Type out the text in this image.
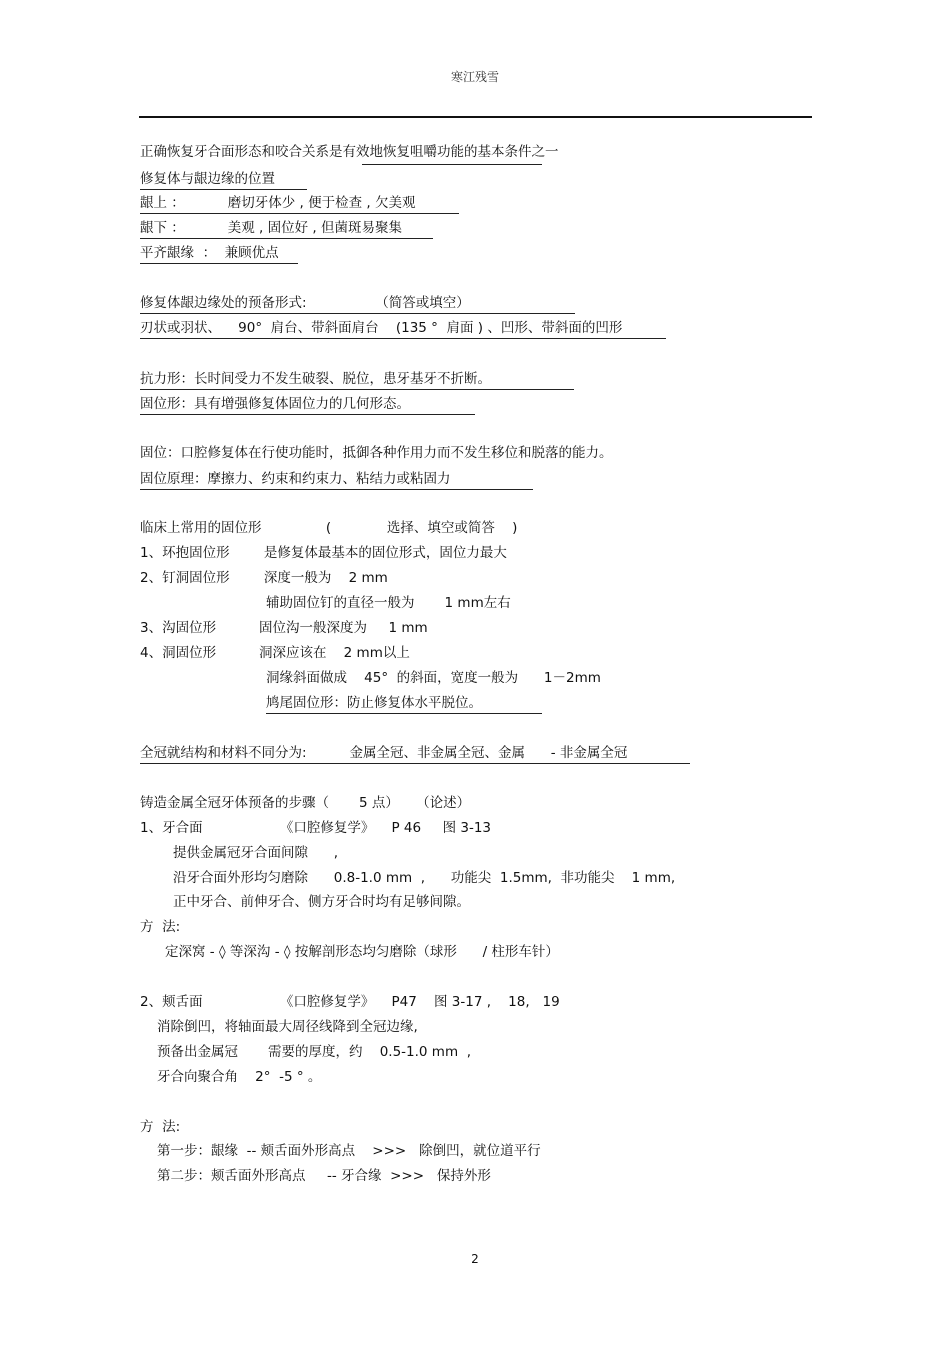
寒江残雪
正确恢复牙合面形态和咬合关系是有效地恢复咀嚼功能的基本条件之一
修复体与龈边缘的位置
龈上 ：          磨切牙体少 , 便于检查 , 欠美观
龈下 ：          美观 , 固位好 , 但菌斑易聚集
平齐龈缘  ：  兼顾优点
修复体龈边缘处的预备形式:                （简答或填空）
刃状或羽状、    90°  肩台、带斜面肩台    (135 °  肩面 ) 、凹形、带斜面的凹形
抗力形：长时间受力不发生破裂、脱位，患牙基牙不折断。
固位形：具有增强修复体固位力的几何形态。
固位：口腔修复体在行使功能时，抵御各种作用力而不发生移位和脱落的能力。
固位原理：摩擦力、约束和约束力、粘结力或粘固力
临床上常用的固位形               (             选择、填空或简答    )
1、环抱固位形        是修复体最基本的固位形式，固位力最大
2、钉洞固位形        深度一般为    2 mm
辅助固位钉的直径一般为       1 mm左右
3、沟固位形          固位沟一般深度为     1 mm
4、洞固位形          洞深应该在    2 mm以上
洞缘斜面做成    45°  的斜面，宽度一般为      1－2mm
鸠尾固位形：防止修复体水平脱位。
全冠就结构和材料不同分为:          金属全冠、非金属全冠、金属      - 非金属全冠
铸造金属全冠牙体预备的步骤（       5 点）    （论述）
1、牙合面                  《口腔修复学》    P 46     图 3-13
提供金属冠牙合面间隙      ,
沿牙合面外形均匀磨除      0.8-1.0 mm  ,      功能尖  1.5mm,  非功能尖    1 mm,
正中牙合、前伸牙合、侧方牙合时均有足够间隙。
方  法:
定深窝 - ◊ 等深沟 - ◊ 按解剖形态均匀磨除（球形      / 柱形车针）
2、颊舌面                  《口腔修复学》    P47    图 3-17 ,    18,   19
消除倒凹，将轴面最大周径线降到全冠边缘,
预备出金属冠       需要的厚度，约    0.5-1.0 mm  ,
牙合向聚合角    2°  -5 ° 。
方  法:
第一步：龈缘  -- 颊舌面外形高点    >>>   除倒凹，就位道平行
第二步：颊舌面外形高点     -- 牙合缘  >>>   保持外形
2
